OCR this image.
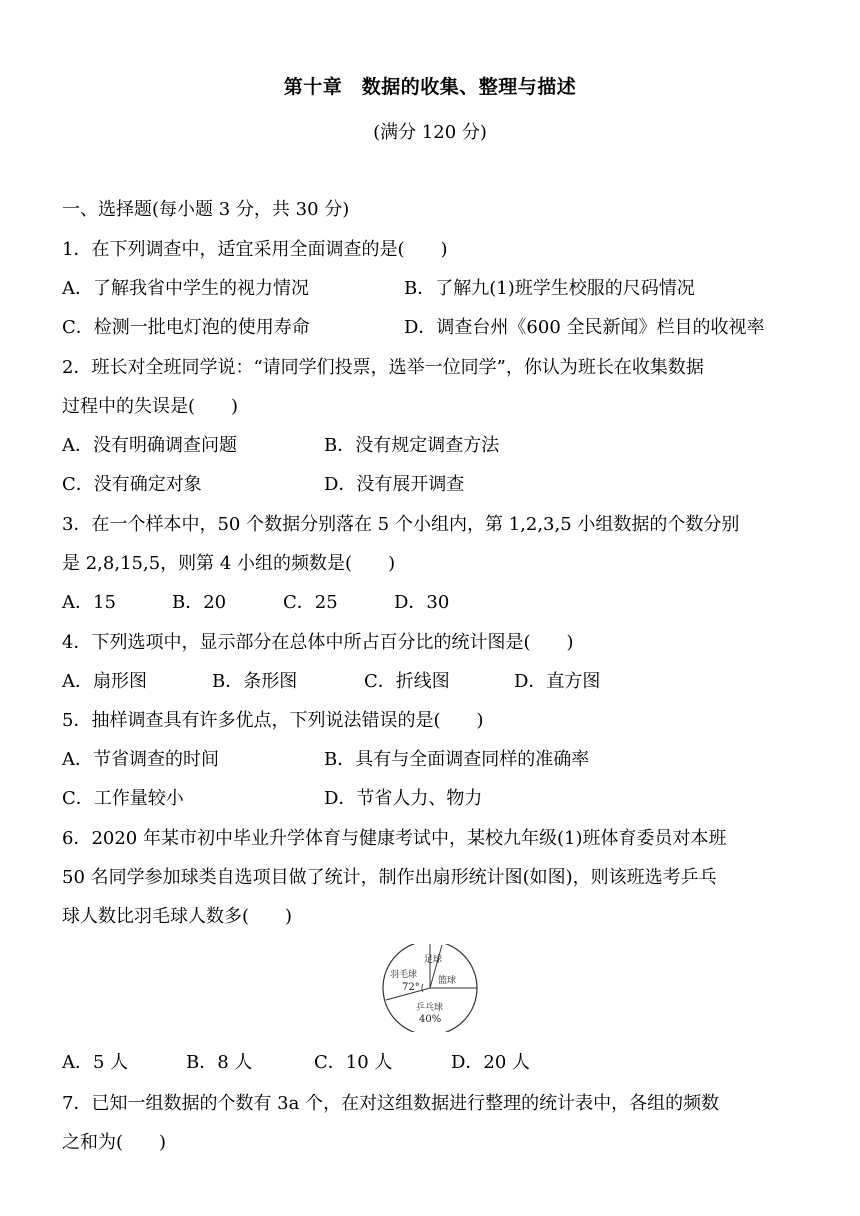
第十章　数据的收集、整理与描述
(满分 120 分)
一、选择题(每小题 3 分，共 30 分)
1．在下列调查中，适宜采用全面调查的是(　　)
A．了解我省中学生的视力情况	B．了解九(1)班学生校服的尺码情况
C．检测一批电灯泡的使用寿命	D．调查台州《600 全民新闻》栏目的收视率
2．班长对全班同学说：“请同学们投票，选举一位同学”，你认为班长在收集数据
过程中的失误是(　　)
A．没有明确调查问题	B．没有规定调查方法
C．没有确定对象	D．没有展开调查
3．在一个样本中，50 个数据分别落在 5 个小组内，第 1,2,3,5 小组数据的个数分别
是 2,8,15,5，则第 4 小组的频数是(　　)
A．15	B．20	C．25	D．30
4．下列选项中，显示部分在总体中所占百分比的统计图是(　　)
A．扇形图	B．条形图	C．折线图	D．直方图
5．抽样调查具有许多优点，下列说法错误的是(　　)
A．节省调查的时间	B．具有与全面调查同样的准确率
C．工作量较小	D．节省人力、物力
6．2020 年某市初中毕业升学体育与健康考试中，某校九年级(1)班体育委员对本班
50 名同学参加球类自选项目做了统计，制作出扇形统计图(如图)，则该班选考乒乓
球人数比羽毛球人数多(　　)
足球
篮球
乒乓球
40%
羽毛球
72°
A．5 人	B．8 人	C．10 人	D．20 人
7．已知一组数据的个数有 3a 个，在对这组数据进行整理的统计表中，各组的频数
之和为(　　)
